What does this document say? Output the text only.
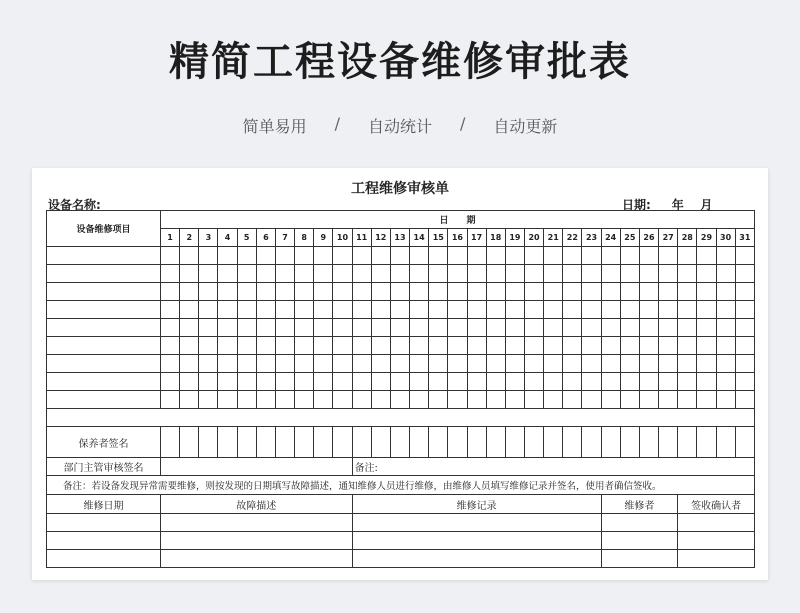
精简工程设备维修审批表
简单易用 / 自动统计 / 自动更新
工程维修审核单
设备名称:	日期:     年    月
设备维修项目	日　　期																														
	1	2	3	4	5	6	7	8	9	10	11	12	13	14	15	16	17	18	19	20	21	22	23	24	25	26	27	28	29	30	31

保养者签名																															
部门主管审核签名											备注:																				
备注：若设备发现异常需要维修，则按发现的日期填写故障描述，通知维修人员进行维修，由维修人员填写维修记录并签名，使用者确信签收。																															
维修日期	故障描述										维修记录													维修者				签收确认者			
